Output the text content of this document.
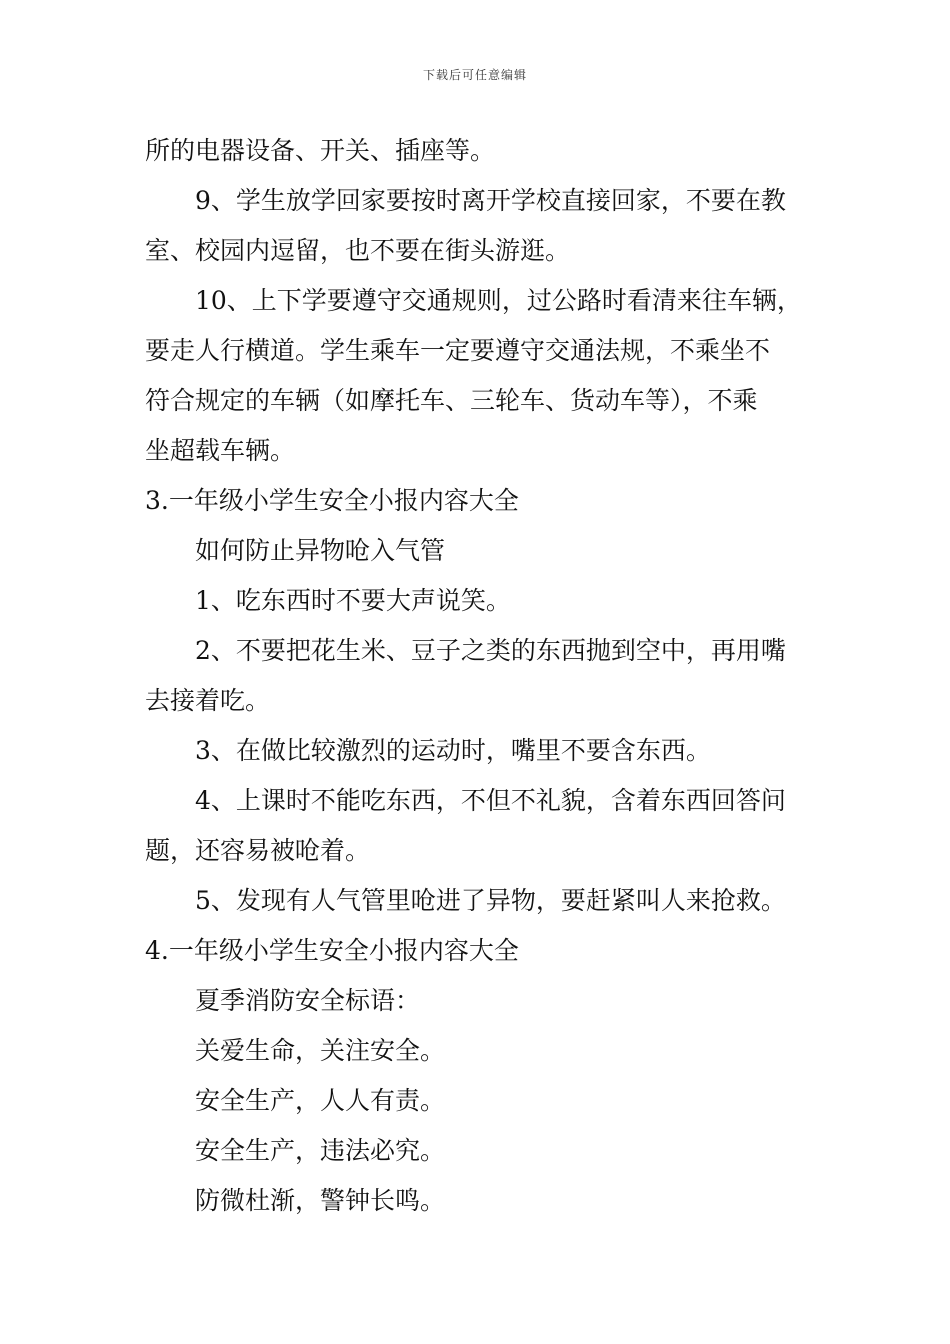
下载后可任意编辑
所的电器设备、开关、插座等。
9、学生放学回家要按时离开学校直接回家，不要在教
室、校园内逗留，也不要在街头游逛。
10、上下学要遵守交通规则，过公路时看清来往车辆，
要走人行横道。学生乘车一定要遵守交通法规，不乘坐不
符合规定的车辆（如摩托车、三轮车、货动车等），不乘
坐超载车辆。
3.一年级小学生安全小报内容大全
如何防止异物呛入气管
1、吃东西时不要大声说笑。
2、不要把花生米、豆子之类的东西抛到空中，再用嘴
去接着吃。
3、在做比较激烈的运动时，嘴里不要含东西。
4、上课时不能吃东西，不但不礼貌，含着东西回答问
题，还容易被呛着。
5、发现有人气管里呛进了异物，要赶紧叫人来抢救。
4.一年级小学生安全小报内容大全
夏季消防安全标语：
关爱生命，关注安全。
安全生产，人人有责。
安全生产，违法必究。
防微杜渐，警钟长鸣。
